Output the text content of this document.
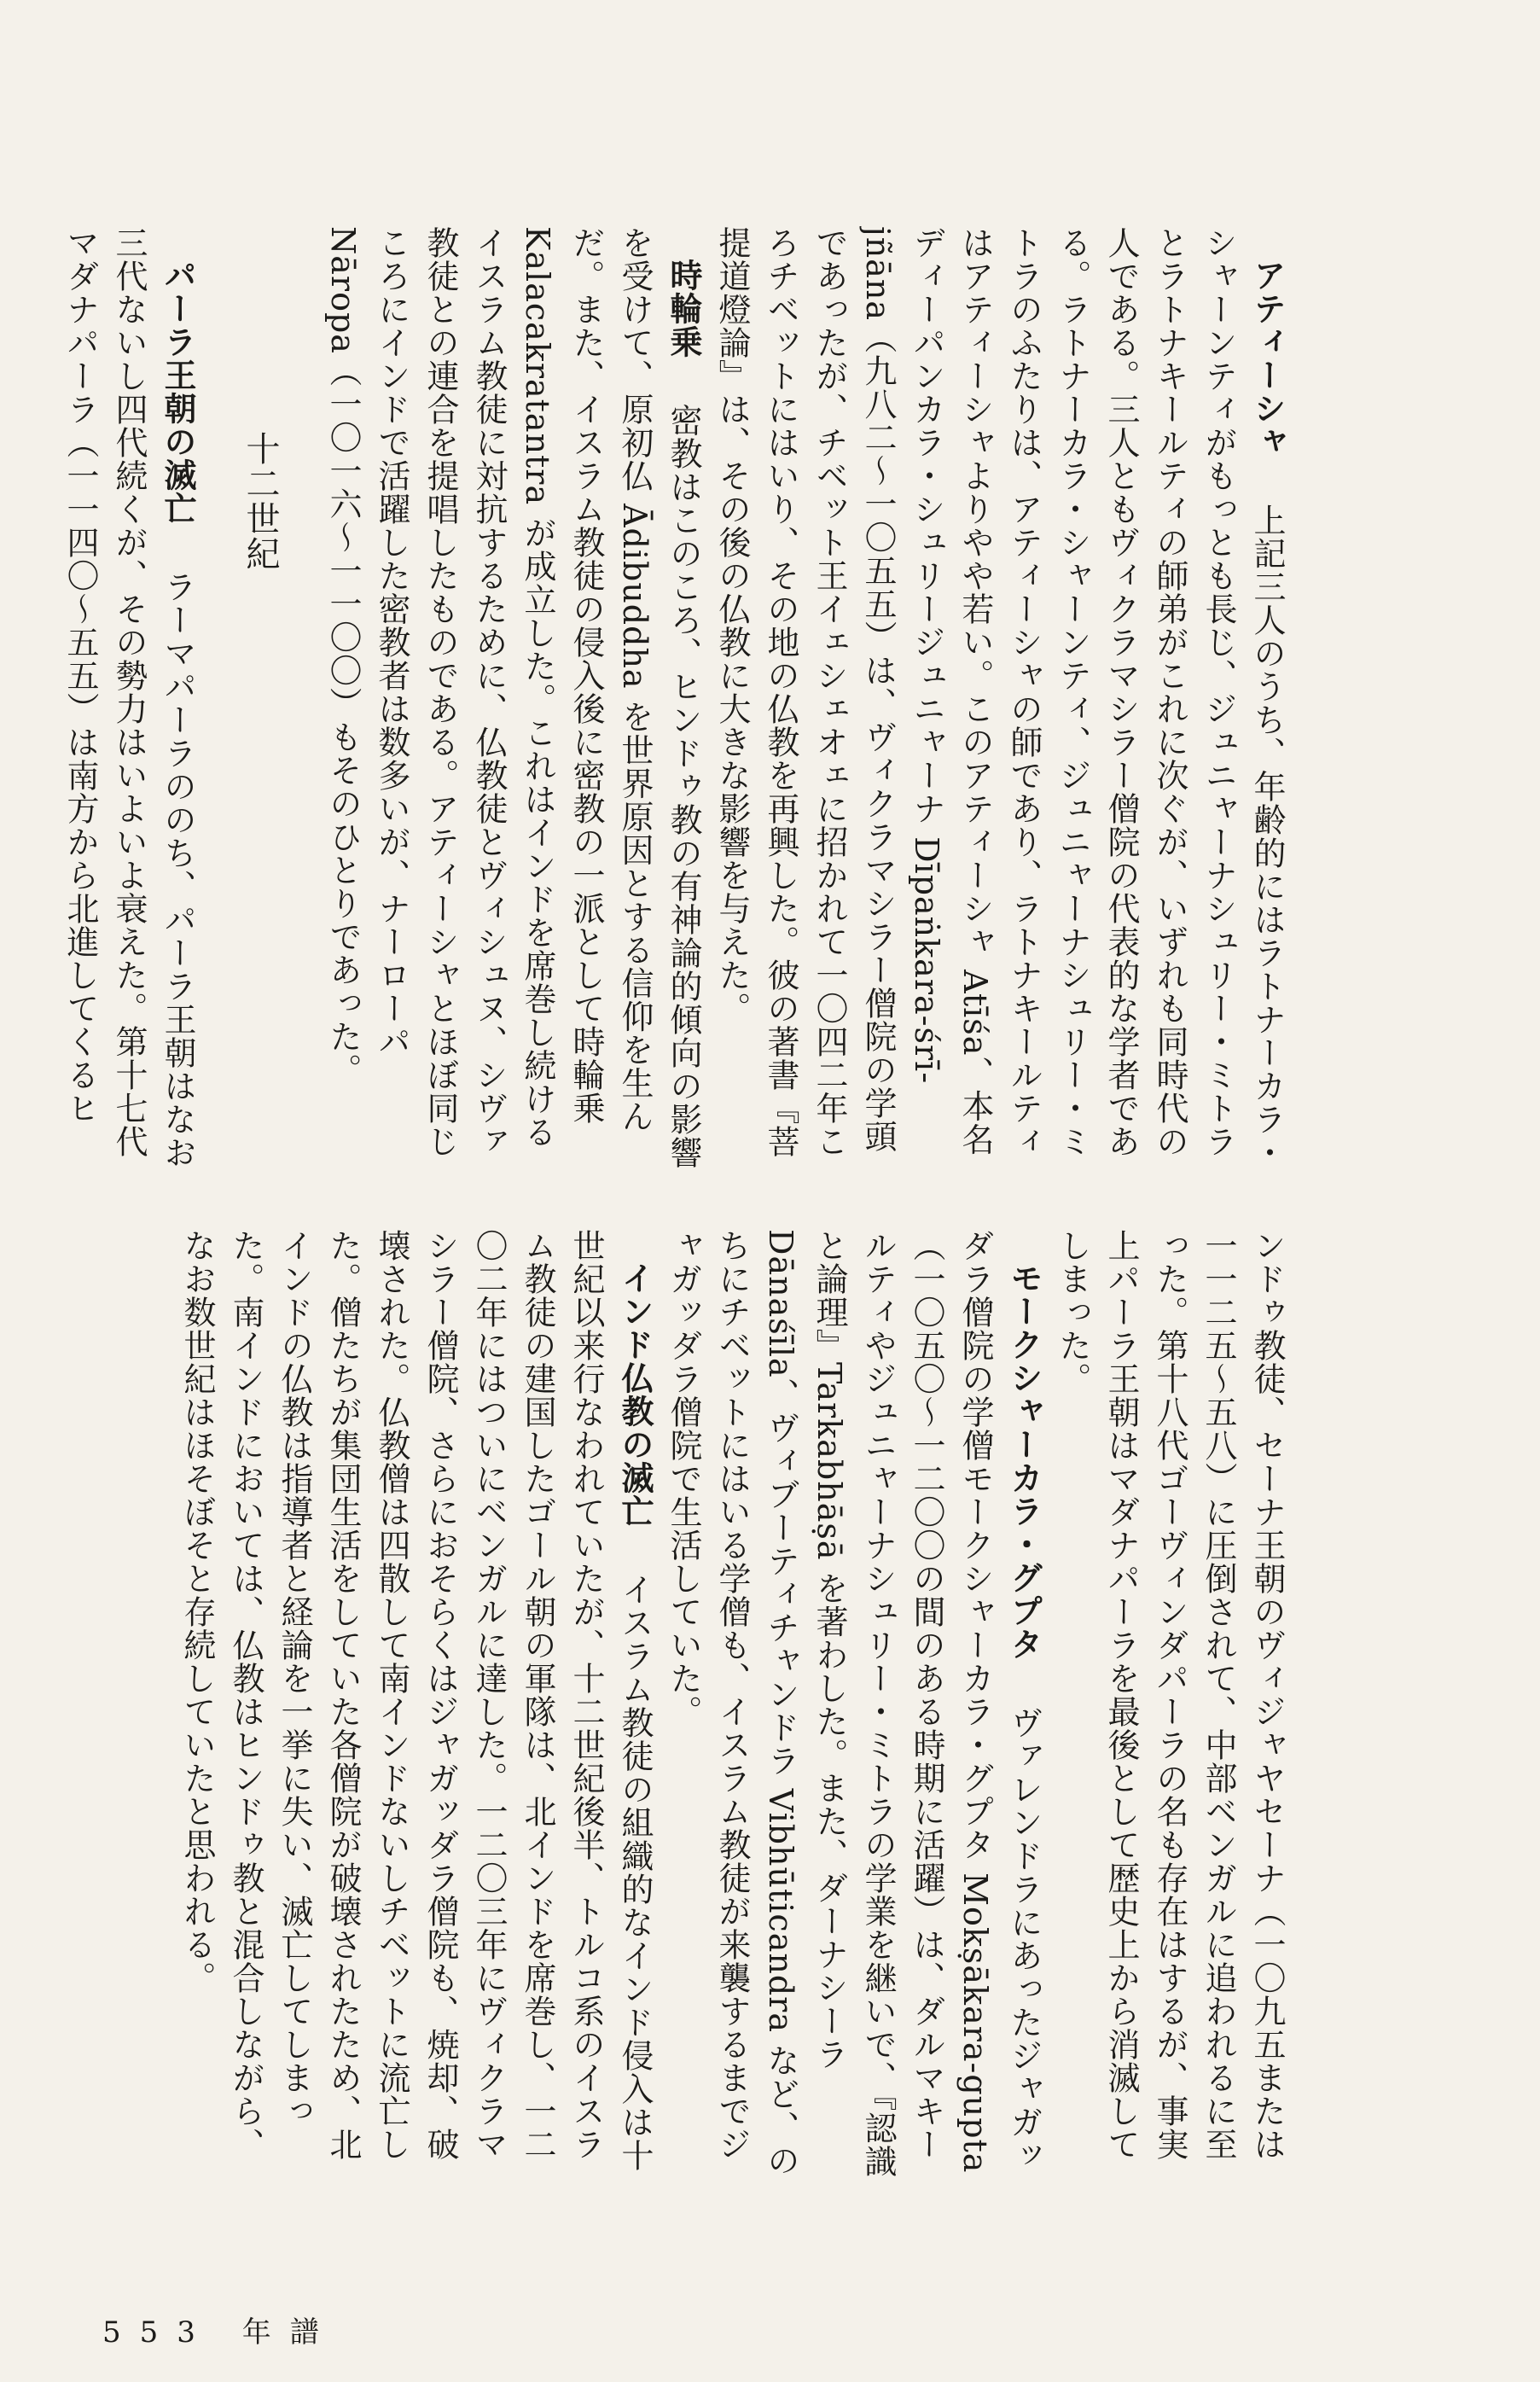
アティーシャ上記三人のうち、年齢的にはラトナーカラ・シャーンティがもっとも長じ、ジュニャーナシュリー・ミトラとラトナキールティの師弟がこれに次ぐが、いずれも同時代の人である。三人ともヴィクラマシラー僧院の代表的な学者である。ラトナーカラ・シャーンティ、ジュニャーナシュリー・ミトラのふたりは、アティーシャの師であり、ラトナキールティはアティーシャよりやや若い。このアティーシャ Atīśa、本名ディーパンカラ・シュリージュニャーナ Dīpaṅkara-śrī-jñāna（九八二～一〇五五）は、ヴィクラマシラー僧院の学頭であったが、チベット王イェシェオェに招かれて一〇四二年ころチベットにはいり、その地の仏教を再興した。彼の著書『菩提道燈論』は、その後の仏教に大きな影響を与えた。

時輪乗密教はこのころ、ヒンドゥ教の有神論的傾向の影響を受けて、原初仏 Ādibuddha を世界原因とする信仰を生んだ。また、イスラム教徒の侵入後に密教の一派として時輪乗 Kalacakratantra が成立した。これはインドを席巻し続けるイスラム教徒に対抗するために、仏教徒とヴィシュヌ、シヴァ教徒との連合を提唱したものである。アティーシャとほぼ同じころにインドで活躍した密教者は数多いが、ナーローパ Nāropa（一〇一六～一一〇〇）もそのひとりであった。

十二世紀

パーラ王朝の滅亡ラーマパーラののち、パーラ王朝はなお三代ないし四代続くが、その勢力はいよいよ衰えた。第十七代マダナパーラ（一一四〇～五五）は南方から北進してくるヒ

ンドゥ教徒、セーナ王朝のヴィジャヤセーナ（一〇九五または一一二五～五八）に圧倒されて、中部ベンガルに追われるに至った。第十八代ゴーヴィンダパーラの名も存在はするが、事実上パーラ王朝はマダナパーラを最後として歴史上から消滅してしまった。

モークシャーカラ・グプタヴァレンドラにあったジャガッダラ僧院の学僧モークシャーカラ・グプタ Mokṣākara-gupta（一〇五〇～一二〇〇の間のある時期に活躍）は、ダルマキールティやジュニャーナシュリー・ミトラの学業を継いで、『認識と論理』Tarkabhāṣā を著わした。また、ダーナシーラ Dānaśīla、ヴィブーティチャンドラ Vibhūticandra など、のちにチベットにはいる学僧も、イスラム教徒が来襲するまでジャガッダラ僧院で生活していた。

インド仏教の滅亡イスラム教徒の組織的なインド侵入は十世紀以来行なわれていたが、十二世紀後半、トルコ系のイスラム教徒の建国したゴール朝の軍隊は、北インドを席巻し、一二〇二年にはついにベンガルに達した。一二〇三年にヴィクラマシラー僧院、さらにおそらくはジャガッダラ僧院も、焼却、破壊された。仏教僧は四散して南インドないしチベットに流亡した。僧たちが集団生活をしていた各僧院が破壊されたため、北インドの仏教は指導者と経論を一挙に失い、滅亡してしまった。南インドにおいては、仏教はヒンドゥ教と混合しながら、なお数世紀はほそぼそと存続していたと思われる。

553 年譜
